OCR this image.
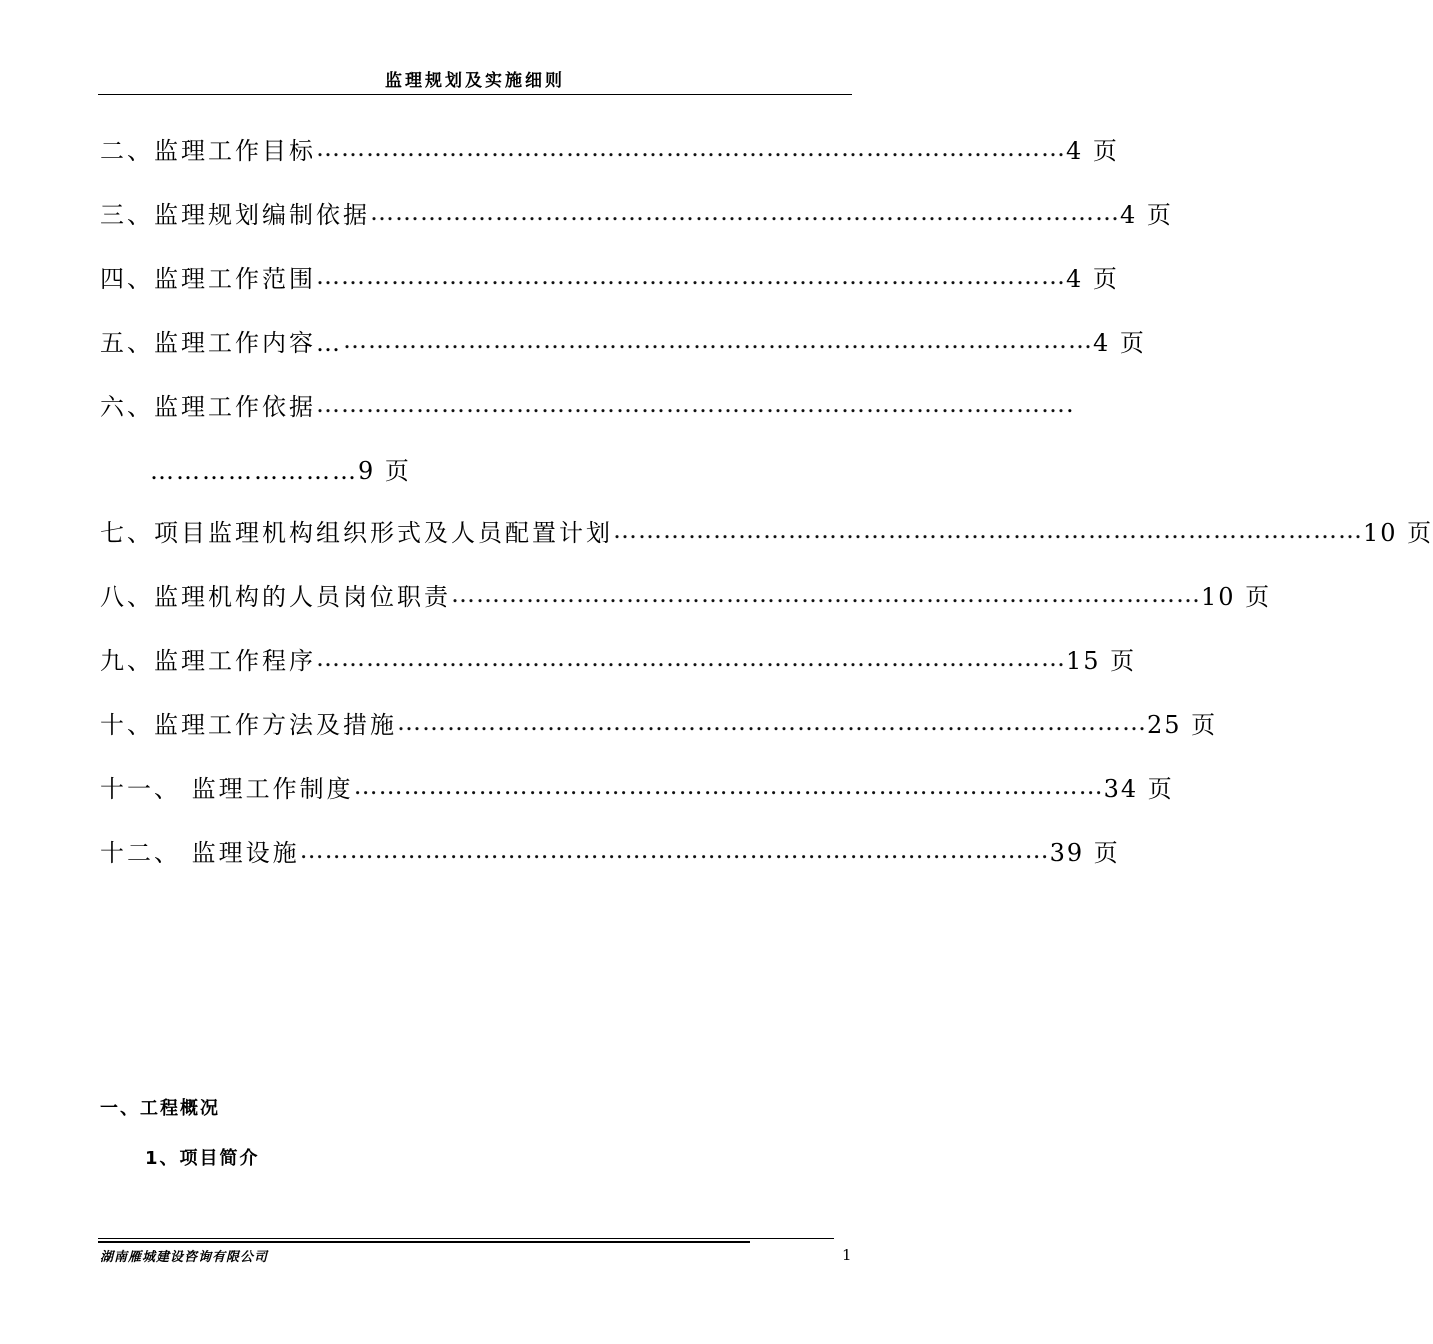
监理规划及实施细则
二、监理工作目标 ……………………………………………………………………………… 4 页
三、监理规划编制依据 ……………………………………………………………………………… 4 页
四、监理工作范围 ……………………………………………………………………………… 4 页
五、监理工作内容… ……………………………………………………………………………… 4 页
六、监理工作依据 ……………………………………………………………………………… .
……………………9 页
七、项目监理机构组织形式及人员配置计划 ……………………………………………………………………………… 10 页
八、监理机构的人员岗位职责 ……………………………………………………………………………… 10 页
九、监理工作程序 ……………………………………………………………………………… 15 页
十、监理工作方法及措施 ……………………………………………………………………………… 25 页
十一、 监理工作制度 ……………………………………………………………………………… 34 页
十二、 监理设施 ……………………………………………………………………………… 39 页
一、工程概况
1、项目简介
湖南雁城建设咨询有限公司	1
